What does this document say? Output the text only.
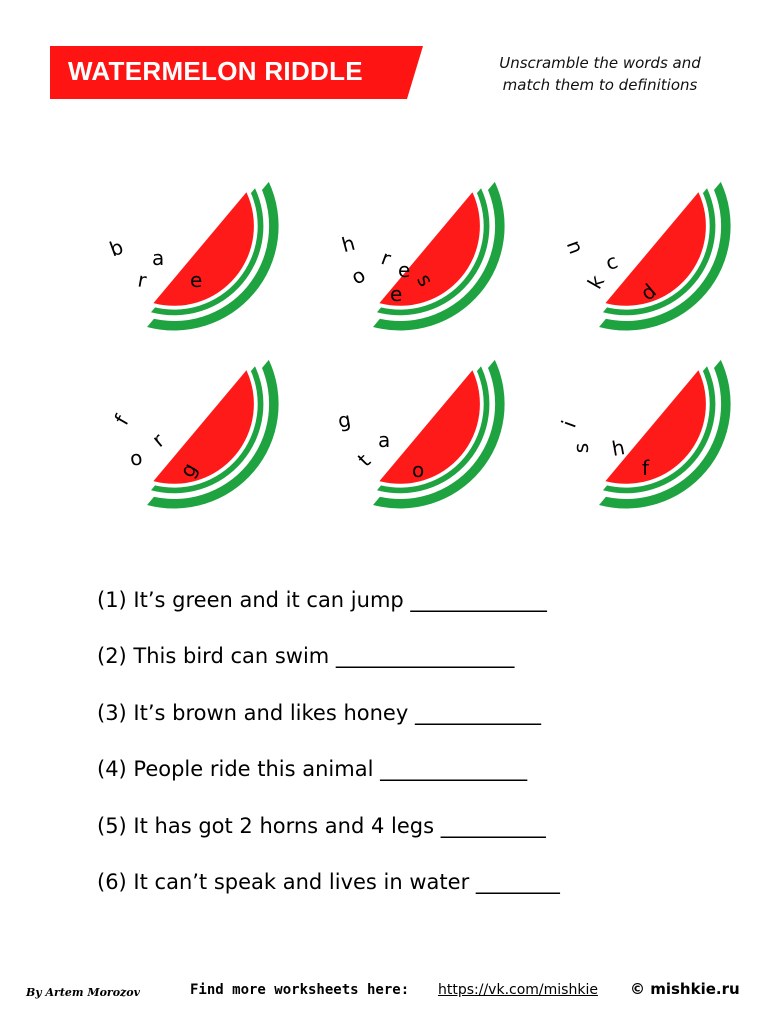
WATERMELON RIDDLE	Unscramble the words and
match them to definitions
b a
r e
h
r
o
e
s
e
u
c
k d
f
r
o g
g
a
t o
i
s h
f
(1) It’s green and it can jump _____________
(2) This bird can swim _________________
(3) It’s brown and likes honey ____________
(4) People ride this animal ______________
(5) It has got 2 horns and 4 legs __________
(6) It can’t speak and lives in water ________
By Artem Morozov	Find more worksheets here: https://vk.com/mishkie © mishkie.ru
